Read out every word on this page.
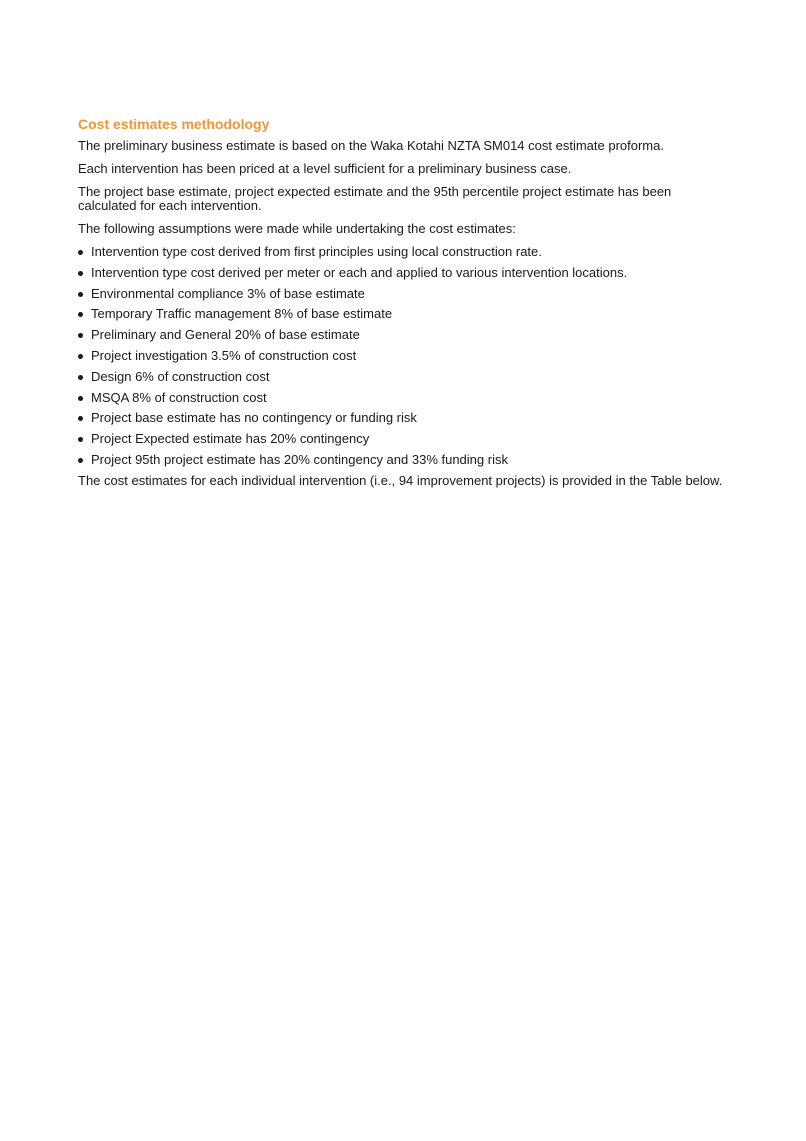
Cost estimates methodology

The preliminary business estimate is based on the Waka Kotahi NZTA SM014 cost estimate proforma.

Each intervention has been priced at a level sufficient for a preliminary business case.

The project base estimate, project expected estimate and the 95th percentile project estimate has been calculated for each intervention.

The following assumptions were made while undertaking the cost estimates:

Intervention type cost derived from first principles using local construction rate.
Intervention type cost derived per meter or each and applied to various intervention locations.
Environmental compliance 3% of base estimate
Temporary Traffic management 8% of base estimate
Preliminary and General 20% of base estimate
Project investigation 3.5% of construction cost
Design 6% of construction cost
MSQA 8% of construction cost
Project base estimate has no contingency or funding risk
Project Expected estimate has 20% contingency
Project 95th project estimate has 20% contingency and 33% funding risk

The cost estimates for each individual intervention (i.e., 94 improvement projects) is provided in the Table below.
